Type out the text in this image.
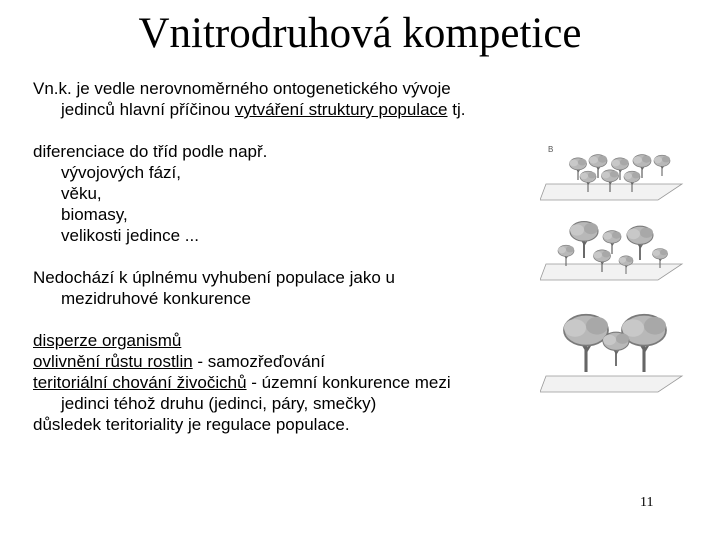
Vnitrodruhová kompetice
Vn.k. je vedle nerovnoměrného ontogenetického vývoje
jedinců hlavní příčinou vytváření struktury populace tj.
diferenciace do tříd podle např.
vývojových fází,
věku,
biomasy,
velikosti jedince ...
Nedochází k úplnému vyhubení populace jako u
mezidruhové konkurence
disperze organismů
ovlivnění růstu rostlin - samozřeďování
teritoriální chování živočichů - územní konkurence mezi
jedinci téhož druhu (jedinci, páry, smečky)
důsledek teritoriality je regulace populace.
B
11
